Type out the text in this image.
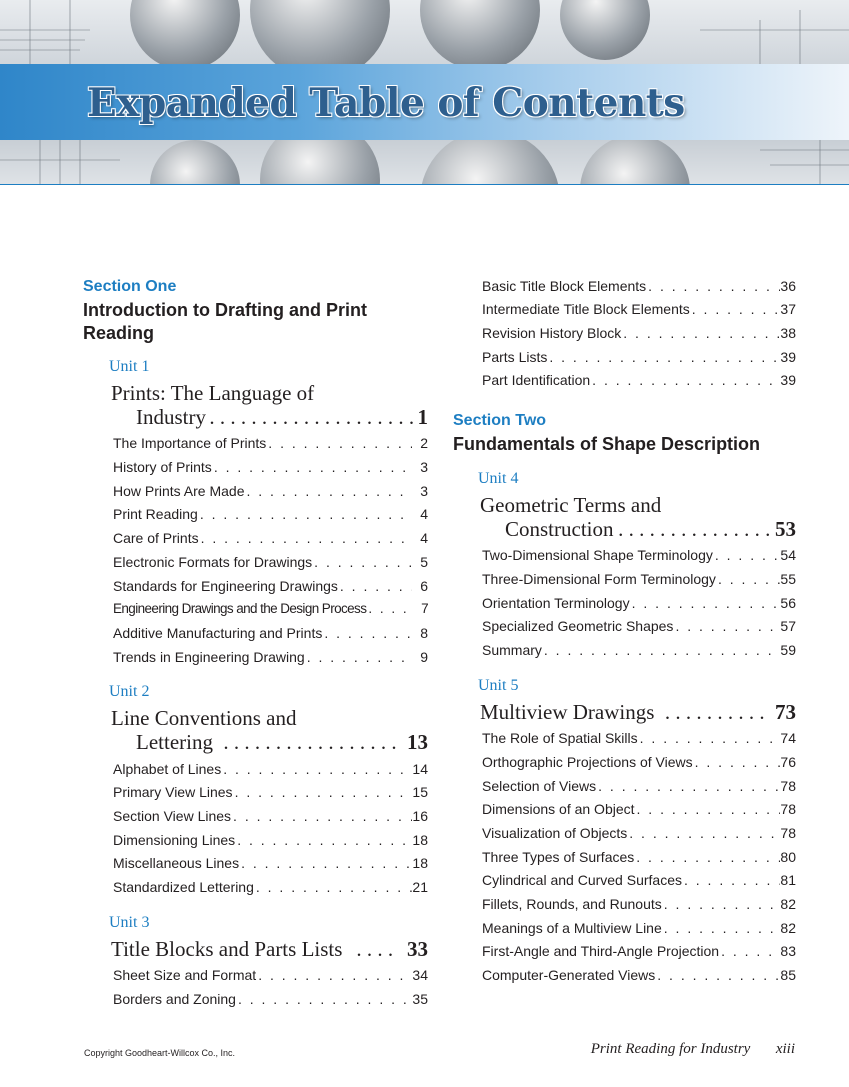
Expanded Table of Contents
Section One
Introduction to Drafting and Print Reading
Unit 1
Prints: The Language of
Industry . . . . . . . . . . . . . . . . . . . . 1
The Importance of Prints . . .	2
History of Prints . . .	3
How Prints Are Made . . .	3
Print Reading . . .	4
Care of Prints . . .	4
Electronic Formats for Drawings . . .	5
Standards for Engineering Drawings . . .	6
Engineering Drawings and the Design Process . . .	7
Additive Manufacturing and Prints . . .	8
Trends in Engineering Drawing . . .	9
Unit 2
Line Conventions and
Lettering . . . . . . . . . . . . . . . . . 13
Alphabet of Lines . . .	14
Primary View Lines . . .	15
Section View Lines . . .	16
Dimensioning Lines . . .	18
Miscellaneous Lines . . .	18
Standardized Lettering . . .	21
Unit 3
Title Blocks and Parts Lists . . . . 33
Sheet Size and Format . . .	34
Borders and Zoning . . .	35
Basic Title Block Elements . . .	36
Intermediate Title Block Elements . . .	37
Revision History Block . . .	38
Parts Lists . . .	39
Part Identification . . .	39
Section Two
Fundamentals of Shape Description
Unit 4
Geometric Terms and
Construction . . . . . . . . . . . . . . . 53
Two-Dimensional Shape Terminology . . .	54
Three-Dimensional Form Terminology . . .	55
Orientation Terminology . . .	56
Specialized Geometric Shapes . . .	57
Summary . . .	59
Unit 5
Multiview Drawings . . . . . . . . . . 73
The Role of Spatial Skills . . .	74
Orthographic Projections of Views . . .	76
Selection of Views . . .	78
Dimensions of an Object . . .	78
Visualization of Objects . . .	78
Three Types of Surfaces . . .	80
Cylindrical and Curved Surfaces . . .	81
Fillets, Rounds, and Runouts . . .	82
Meanings of a Multiview Line . . .	82
First-Angle and Third-Angle Projection . . .	83
Computer-Generated Views . . .	85
Copyright Goodheart-Willcox Co., Inc.	Print Reading for Industry xiii
